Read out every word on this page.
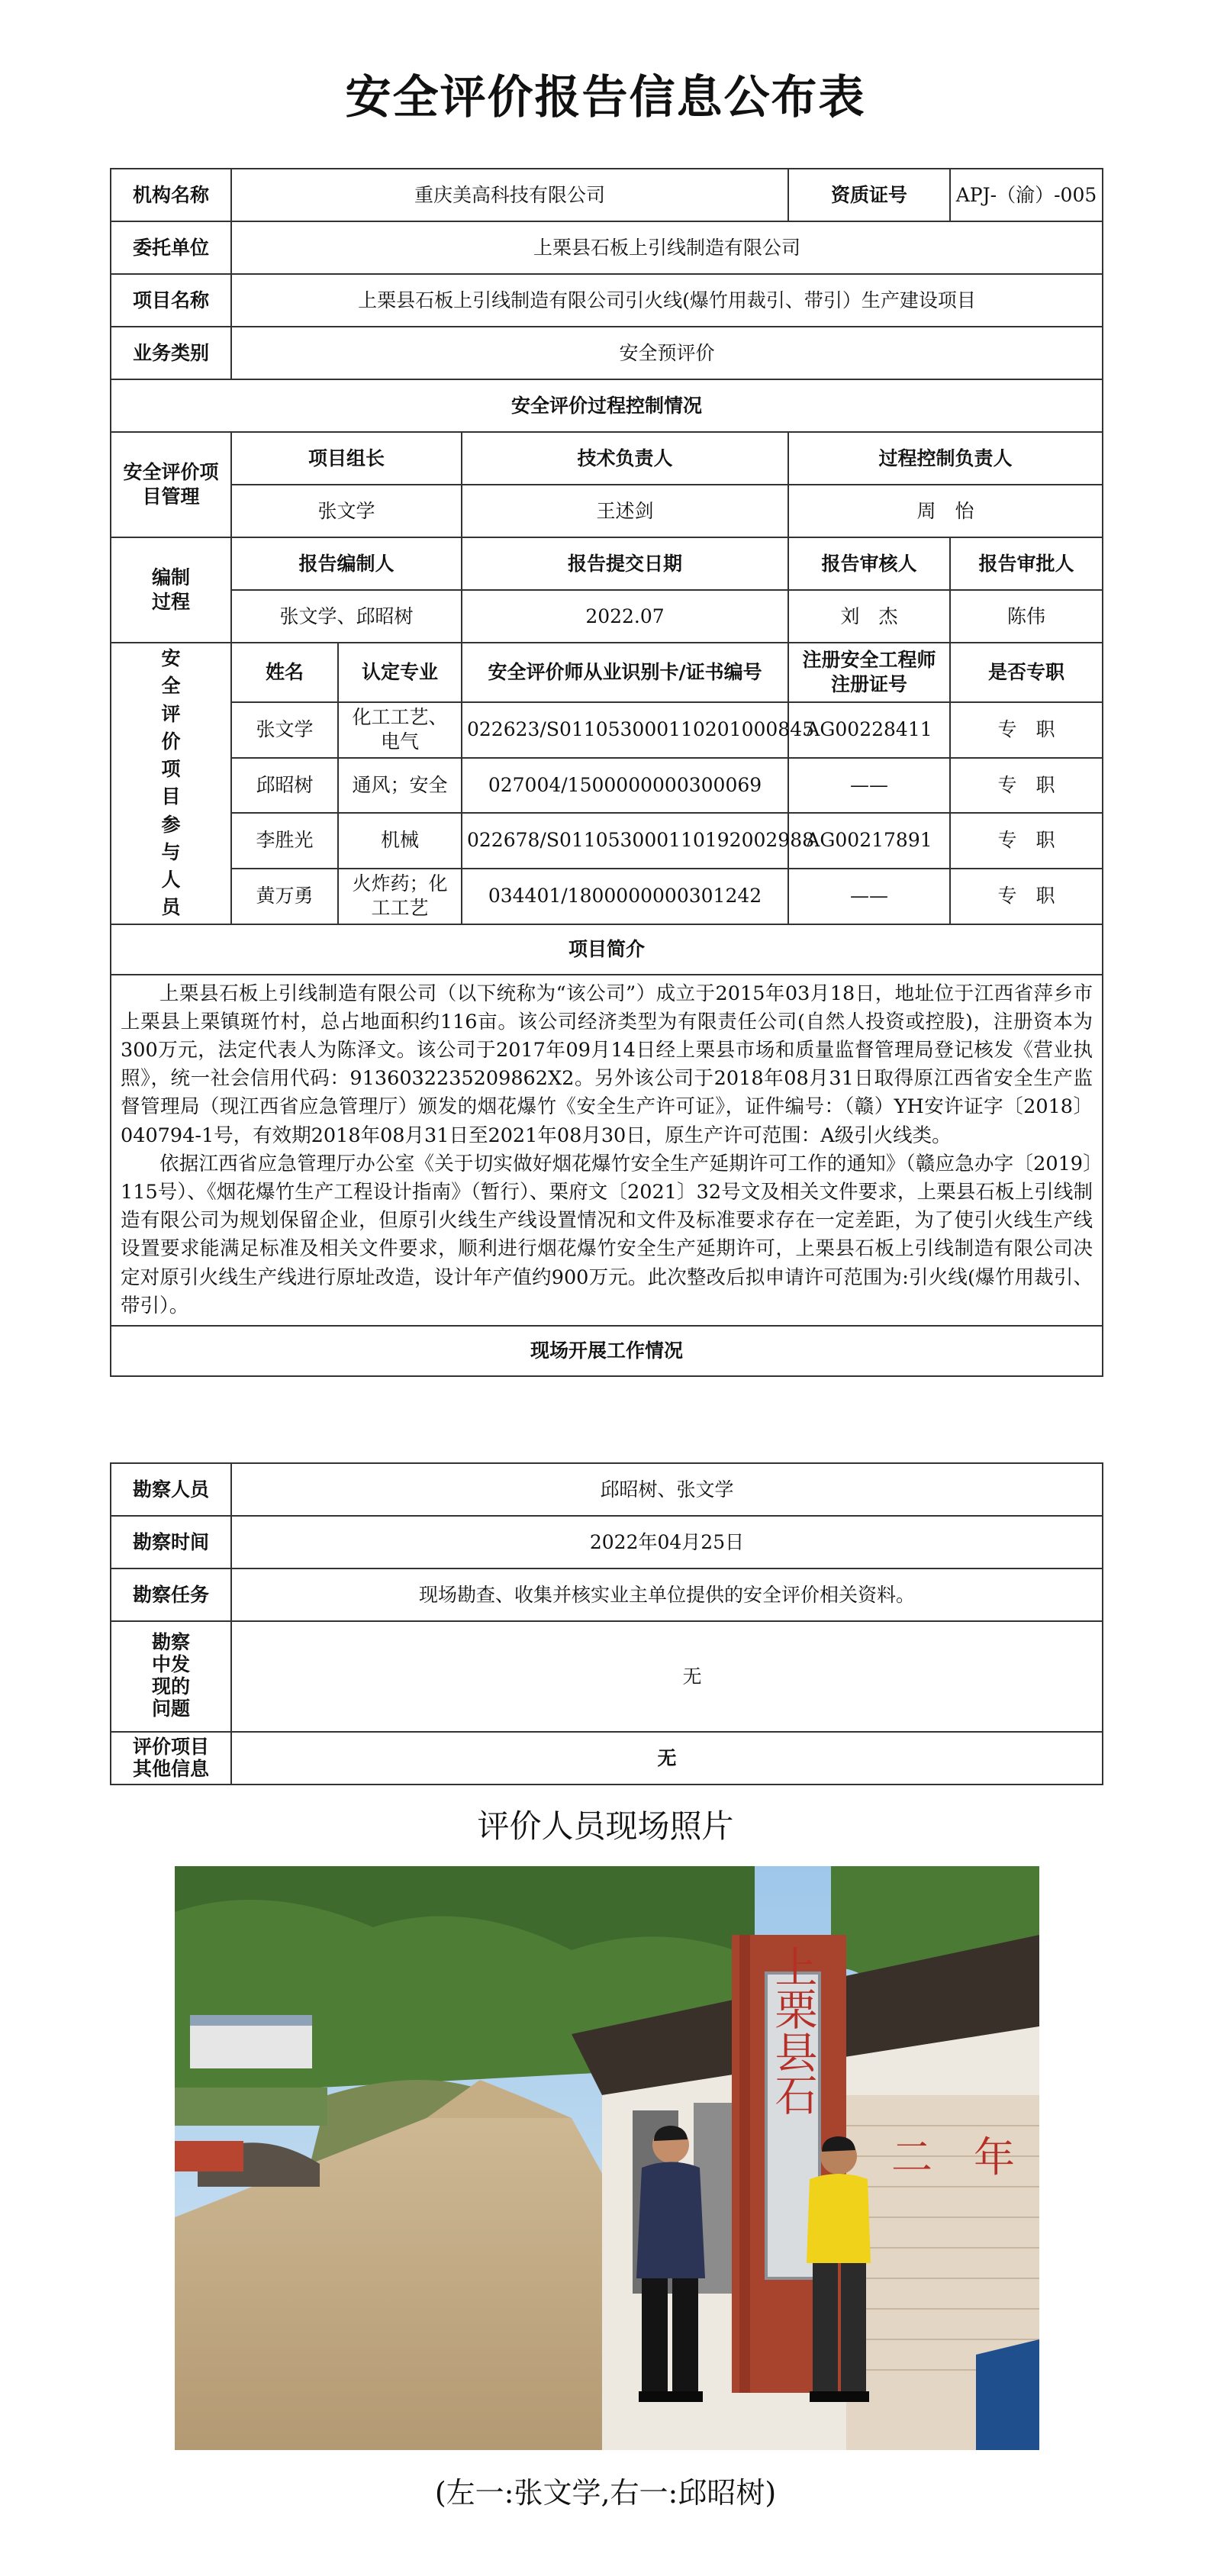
安全评价报告信息公布表
机构名称	重庆美高科技有限公司			资质证号	APJ-（渝）-005
委托单位	上栗县石板上引线制造有限公司				
项目名称	上栗县石板上引线制造有限公司引火线(爆竹用裁引、带引）生产建设项目				
业务类别	安全预评价				
安全评价过程控制情况					
安全评价项目管理	项目组长		技术负责人	过程控制负责人	
	张文学		王述剑	周　怡	
编制过程	报告编制人		报告提交日期	报告审核人	报告审批人
	张文学、邱昭树		2022.07	刘　杰	陈伟
安全评价项目参与人员	姓名	认定专业	安全评价师从业识别卡/证书编号	注册安全工程师注册证号	是否专职
	张文学	化工工艺、电气	022623/S011053000110201000845	AG00228411	专　职
	邱昭树	通风；安全	027004/1500000000300069	——	专　职
	李胜光	机械	022678/S011053000110192002988	AG00217891	专　职
	黄万勇	火炸药；化工工艺	034401/1800000000301242	——	专　职
项目简介					

上栗县石板上引线制造有限公司（以下统称为“该公司”）成立于2015年03月18日，地址位于江西省萍乡市上栗县上栗镇斑竹村，总占地面积约116亩。该公司经济类型为有限责任公司(自然人投资或控股)，注册资本为300万元，法定代表人为陈泽文。该公司于2017年09月14日经上栗县市场和质量监督管理局登记核发《营业执照》，统一社会信用代码：9136032235209862X2。另外该公司于2018年08月31日取得原江西省安全生产监督管理局（现江西省应急管理厅）颁发的烟花爆竹《安全生产许可证》，证件编号：（赣）YH安许证字〔2018〕040794-1号，有效期2018年08月31日至2021年08月30日，原生产许可范围：A级引火线类。

依据江西省应急管理厅办公室《关于切实做好烟花爆竹安全生产延期许可工作的通知》（赣应急办字〔2019〕115号）、《烟花爆竹生产工程设计指南》（暂行）、栗府文〔2021〕32号文及相关文件要求，上栗县石板上引线制造有限公司为规划保留企业，但原引火线生产线设置情况和文件及标准要求存在一定差距，为了使引火线生产线设置要求能满足标准及相关文件要求，顺利进行烟花爆竹安全生产延期许可，上栗县石板上引线制造有限公司决定对原引火线生产线进行原址改造，设计年产值约900万元。此次整改后拟申请许可范围为:引火线(爆竹用裁引、带引）。					

现场开展工作情况					
勘察人员	邱昭树、张文学
勘察时间	2022年04月25日
勘察任务	现场勘查、收集并核实业主单位提供的安全评价相关资料。
勘察中发现的问题	无
评价项目其他信息	无
评价人员现场照片
上栗县石
二　年
(左一:张文学,右一:邱昭树)
